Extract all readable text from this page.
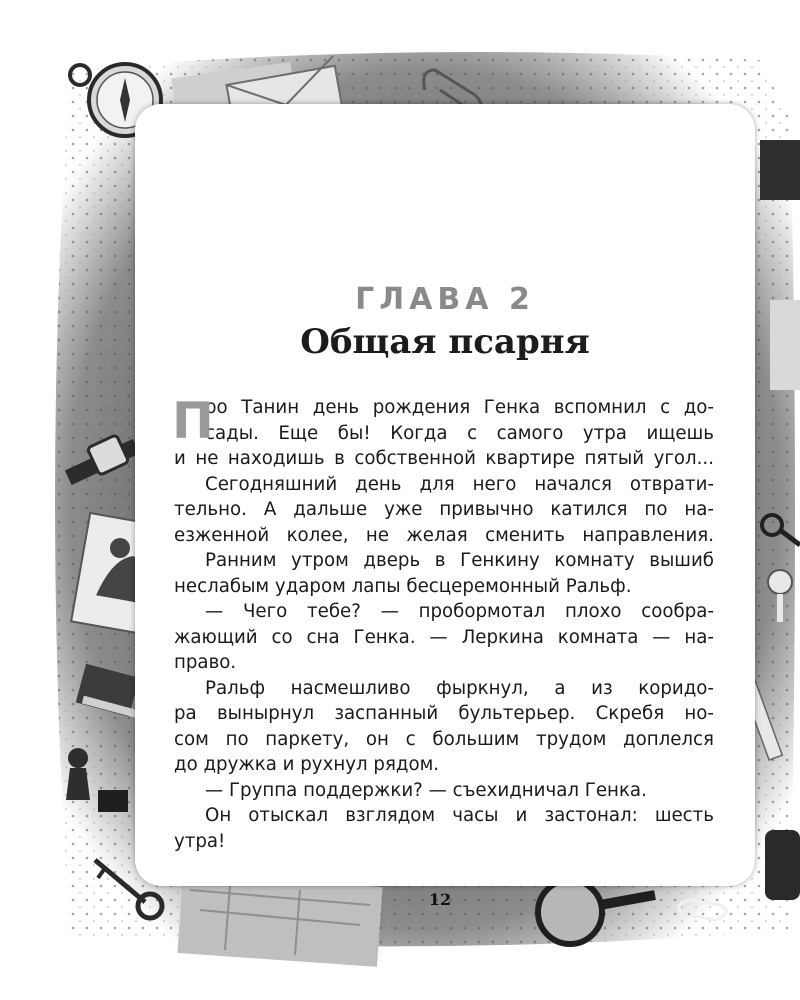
ГЛАВА 2
Общая псарня
П
ро Танин день рождения Генка вспомнил с до-
сады. Еще бы! Когда с самого утра ищешь
и не находишь в собственной квартире пятый угол...
Сегодняшний день для него начался отврати-
тельно. А дальше уже привычно катился по на-
езженной колее, не желая сменить направления.
Ранним утром дверь в Генкину комнату вышиб
неслабым ударом лапы бесцеремонный Ральф.
— Чего тебе? — пробормотал плохо сообра-
жающий со сна Генка. — Леркина комната — на-
право.
Ральф насмешливо фыркнул, а из коридо-
ра вынырнул заспанный бультерьер. Скребя но-
сом по паркету, он с большим трудом доплелся
до дружка и рухнул рядом.
— Группа поддержки? — съехидничал Генка.
Он отыскал взглядом часы и застонал: шесть
утра!
12
